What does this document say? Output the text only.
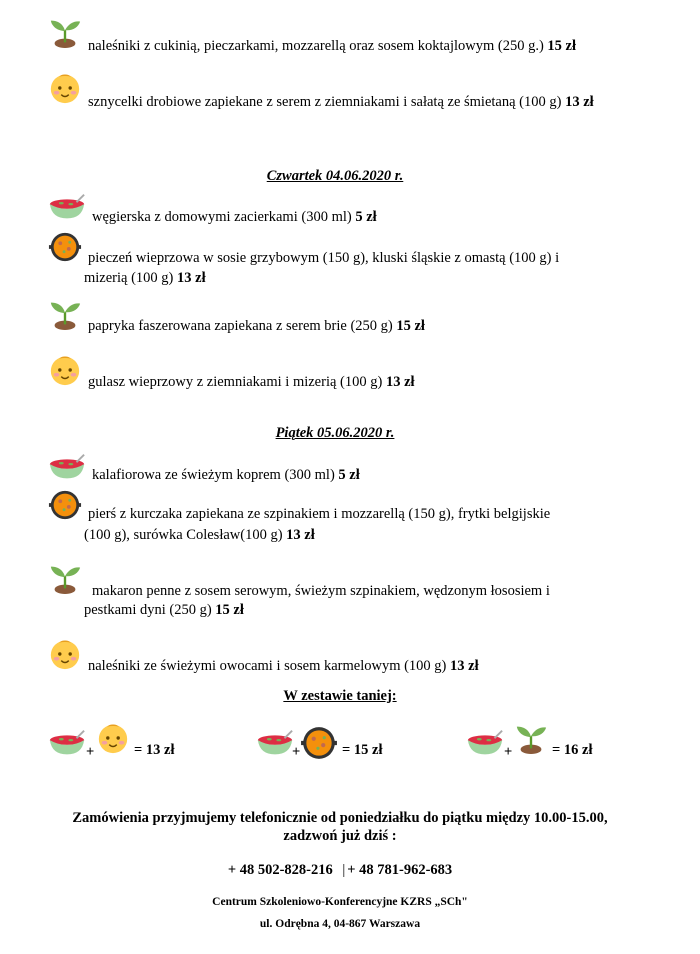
naleśniki z cukinią, pieczarkami, mozzarellą oraz sosem koktajlowym (250 g.) 15 zł
sznycelki drobiowe zapiekane z serem z ziemniakami i sałatą ze śmietaną (100 g) 13 zł
Czwartek 04.06.2020 r.
węgierska z domowymi zacierkami (300 ml) 5 zł
pieczeń wieprzowa w sosie grzybowym (150 g), kluski śląskie z omastą (100 g) i
mizerią (100 g) 13 zł
papryka faszerowana zapiekana z serem brie (250 g) 15 zł
gulasz wieprzowy z ziemniakami i mizerią (100 g) 13 zł
Piątek 05.06.2020 r.
kalafiorowa ze świeżym koprem (300 ml) 5 zł
pierś z kurczaka zapiekana ze szpinakiem i mozzarellą (150 g), frytki belgijskie
(100 g), surówka Colesław(100 g) 13 zł
makaron penne z sosem serowym, świeżym szpinakiem, wędzonym łososiem i
pestkami dyni (250 g) 15 zł
naleśniki ze świeżymi owocami i sosem karmelowym (100 g) 13 zł
W zestawie taniej:
+	= 13 zł	+	= 15 zł	+	= 16 zł
Zamówienia przyjmujemy telefonicznie od poniedziałku do piątku między 10.00-15.00,
zadzwoń już dziś :
+ 48 502-828-216 | + 48 781-962-683
Centrum Szkoleniowo-Konferencyjne KZRS „SCh"
ul. Odrębna 4, 04-867 Warszawa
